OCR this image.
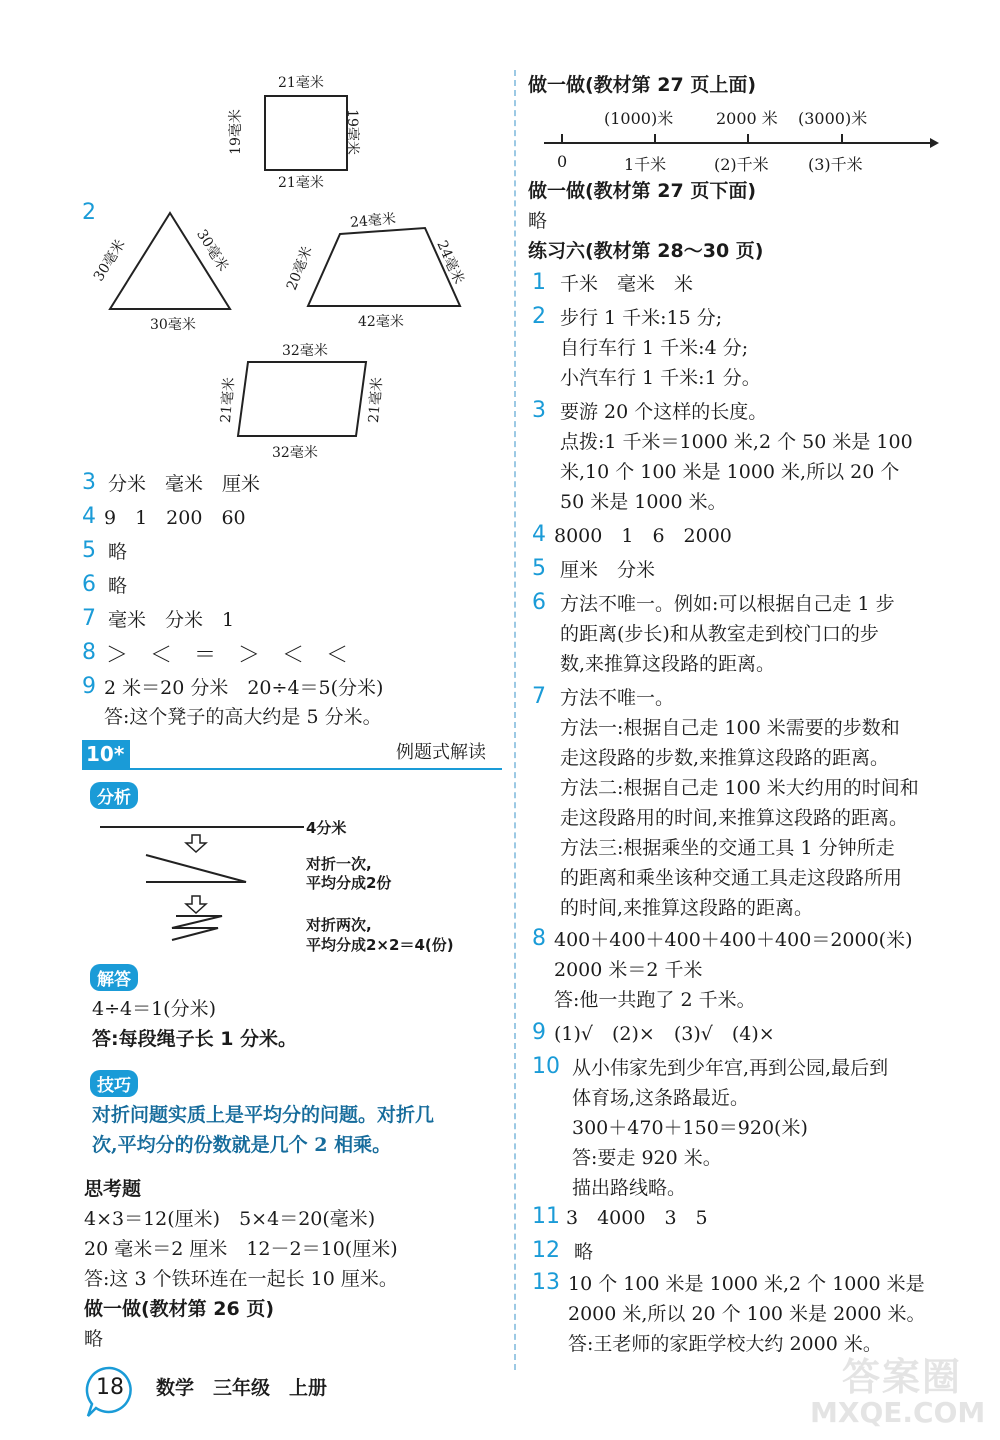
21毫米
21毫米
19毫米	19毫米
2
30毫米	30毫米
30毫米
24毫米
20毫米	24毫米
42毫米
32毫米
32毫米
21毫米	21毫米
3 分米　毫米　厘米
4 9　1　200　60
5 略
6 略
7 毫米　分米　1
8 ＞　＜　＝　＞　＜　＜
9 2 米＝20 分米　20÷4＝5(分米)
答:这个凳子的高大约是 5 分米。
10*	例题式解读
分析
4分米
对折一次,
平均分成2份
对折两次,
平均分成2×2＝4(份)
解答
4÷4＝1(分米)
答:每段绳子长 1 分米。
技巧
对折问题实质上是平均分的问题。对折几
次,平均分的份数就是几个 2 相乘。
思考题
4×3＝12(厘米)　5×4＝20(毫米)
20 毫米＝2 厘米　12－2＝10(厘米)
答:这 3 个铁环连在一起长 10 厘米。
做一做(教材第 26 页)
略
做一做(教材第 27 页上面)
(1000)米	2000 米 (3000)米
0	1千米	(2)千米 (3)千米
做一做(教材第 27 页下面)
略
练习六(教材第 28～30 页)
1 千米　毫米　米
2 步行 1 千米:15 分;
自行车行 1 千米:4 分;
小汽车行 1 千米:1 分。
3 要游 20 个这样的长度。
点拨:1 千米＝1000 米,2 个 50 米是 100
米,10 个 100 米是 1000 米,所以 20 个
50 米是 1000 米。
4 8000　1　6　2000
5 厘米　分米
6 方法不唯一。例如:可以根据自己走 1 步
的距离(步长)和从教室走到校门口的步
数,来推算这段路的距离。
7 方法不唯一。
方法一:根据自己走 100 米需要的步数和
走这段路的步数,来推算这段路的距离。
方法二:根据自己走 100 米大约用的时间和
走这段路用的时间,来推算这段路的距离。
方法三:根据乘坐的交通工具 1 分钟所走
的距离和乘坐该种交通工具走这段路所用
的时间,来推算这段路的距离。
8 400＋400＋400＋400＋400＝2000(米)
2000 米＝2 千米
答:他一共跑了 2 千米。
9 (1)√　(2)×　(3)√　(4)×
10 从小伟家先到少年宫,再到公园,最后到
体育场,这条路最近。
300＋470＋150＝920(米)
答:要走 920 米。
描出路线略。
11 3　4000　3　5
12 略
13 10 个 100 米是 1000 米,2 个 1000 米是
2000 米,所以 20 个 100 米是 2000 米。
答:王老师的家距学校大约 2000 米。
18 数学　三年级　上册	答案圈
MXQE.COM
